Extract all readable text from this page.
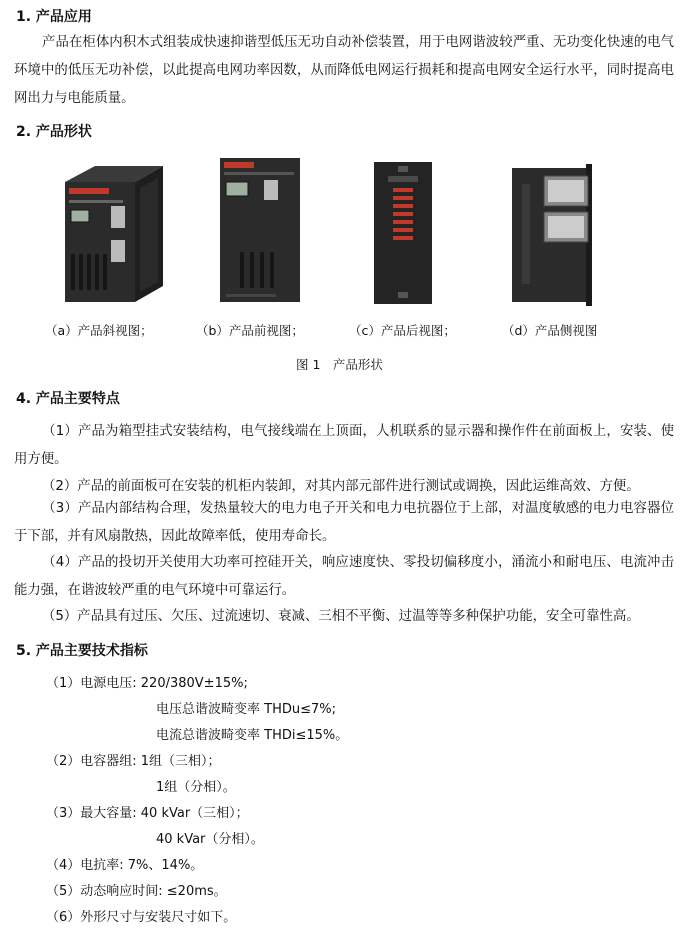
1. 产品应用

产品在柜体内积木式组装成快速抑谐型低压无功自动补偿装置，用于电网谐波较严重、无功变化快速的电气环境中的低压无功补偿，以此提高电网功率因数，从而降低电网运行损耗和提高电网安全运行水平，同时提高电网出力与电能质量。

2. 产品形状
（a）产品斜视图；	（b）产品前视图；	（c）产品后视图；	（d）产品侧视图
图 1　产品形状
4. 产品主要特点

（1）产品为箱型挂式安装结构，电气接线端在上顶面，人机联系的显示器和操作件在前面板上，安装、使用方便。

（2）产品的前面板可在安装的机柜内装卸，对其内部元部件进行测试或调换，因此运维高效、方便。

（3）产品内部结构合理，发热量较大的电力电子开关和电力电抗器位于上部，对温度敏感的电力电容器位于下部，并有风扇散热，因此故障率低，使用寿命长。

（4）产品的投切开关使用大功率可控硅开关，响应速度快、零投切偏移度小，涌流小和耐电压、电流冲击能力强，在谐波较严重的电气环境中可靠运行。

（5）产品具有过压、欠压、过流速切、衰减、三相不平衡、过温等等多种保护功能，安全可靠性高。

5. 产品主要技术指标
（1）电源电压: 220/380V±15%;
电压总谐波畸变率 THDu≤7%;
电流总谐波畸变率 THDi≤15%。
（2）电容器组: 1组（三相）；
1组（分相）。
（3）最大容量: 40 kVar（三相）；
40 kVar（分相）。
（4）电抗率: 7%、14%。
（5）动态响应时间: ≤20ms。
（6）外形尺寸与安装尺寸如下。
